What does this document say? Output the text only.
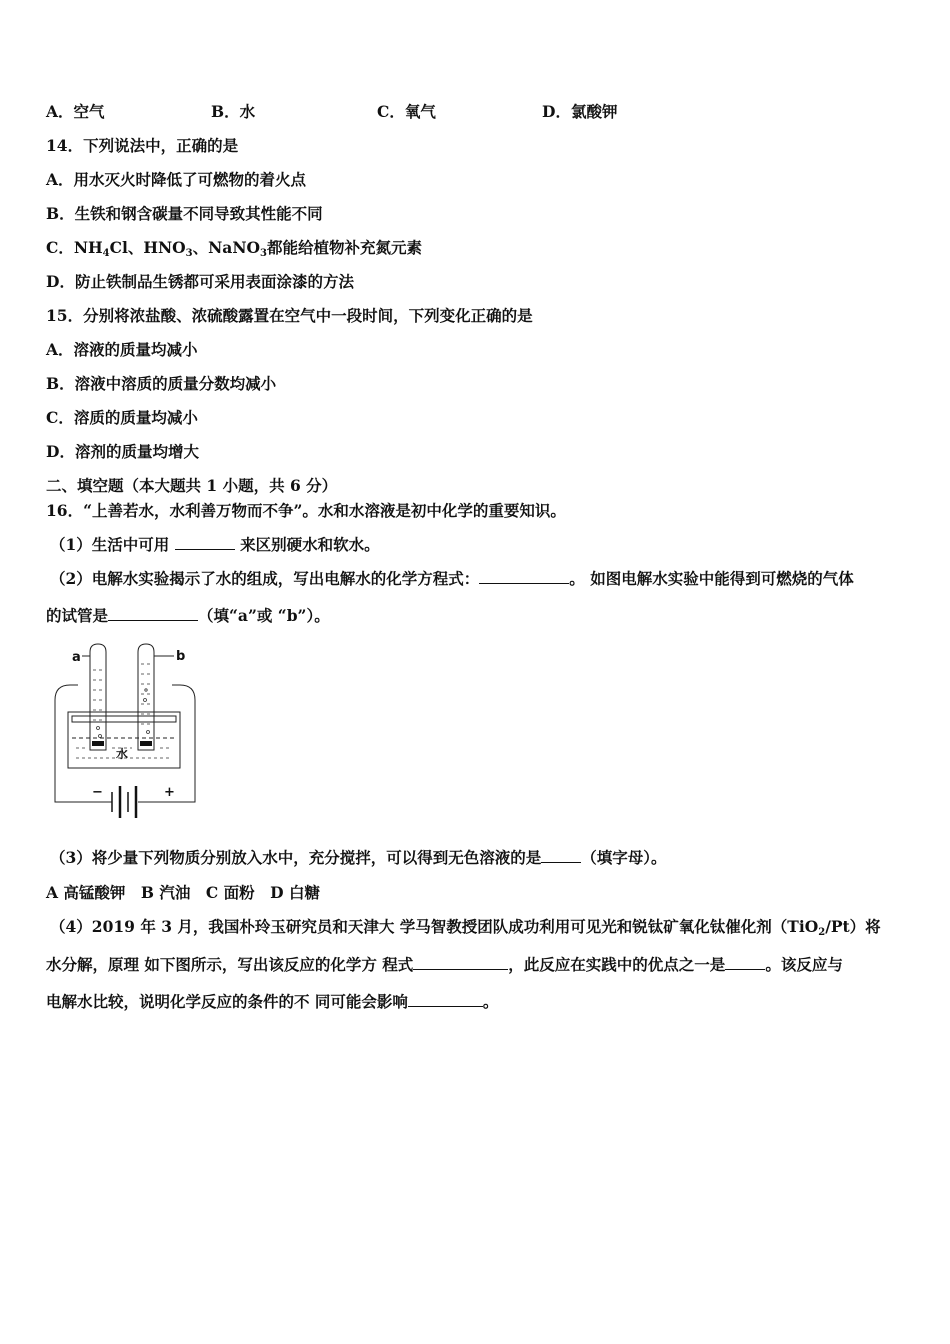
A．空气	B．水	C．氧气	D．氯酸钾
14．下列说法中，正确的是
A．用水灭火时降低了可燃物的着火点
B．生铁和钢含碳量不同导致其性能不同
C．$NH_4Cl$、$HNO_3$、NaNO$_3$都能给植物补充氮元素
D．防止铁制品生锈都可采用表面涂漆的方法
15．分别将浓盐酸、浓硫酸露置在空气中一段时间，下列变化正确的是
A．溶液的质量均减小
B．溶液中溶质的质量分数均减小
C．溶质的质量均减小
D．溶剂的质量均增大
二、填空题（本大题共 1 小题，共 6 分）
16．“上善若水，水利善万物而不争”。水和水溶液是初中化学的重要知识。
（1）生活中可用	来区别硬水和软水。
（2）电解水实验揭示了水的组成，写出电解水的化学方程式：	。 如图电解水实验中能得到可燃烧的气体
的试管是	（填“a”或 “b”）。
a	b
水
−	+
（3）将少量下列物质分别放入水中，充分搅拌，可以得到无色溶液的是	（填字母）。
A 高锰酸钾　B 汽油　C 面粉　D 白糖
（4）2019 年 3 月，我国朴玲玉研究员和天津大 学马智教授团队成功利用可见光和锐钛矿氧化钛催化剂（TiO$_2$/Pt）将
水分解，原理 如下图所示，写出该反应的化学方 程式	，此反应在实践中的优点之一是	。该反应与
电解水比较，说明化学反应的条件的不 同可能会影响	。
